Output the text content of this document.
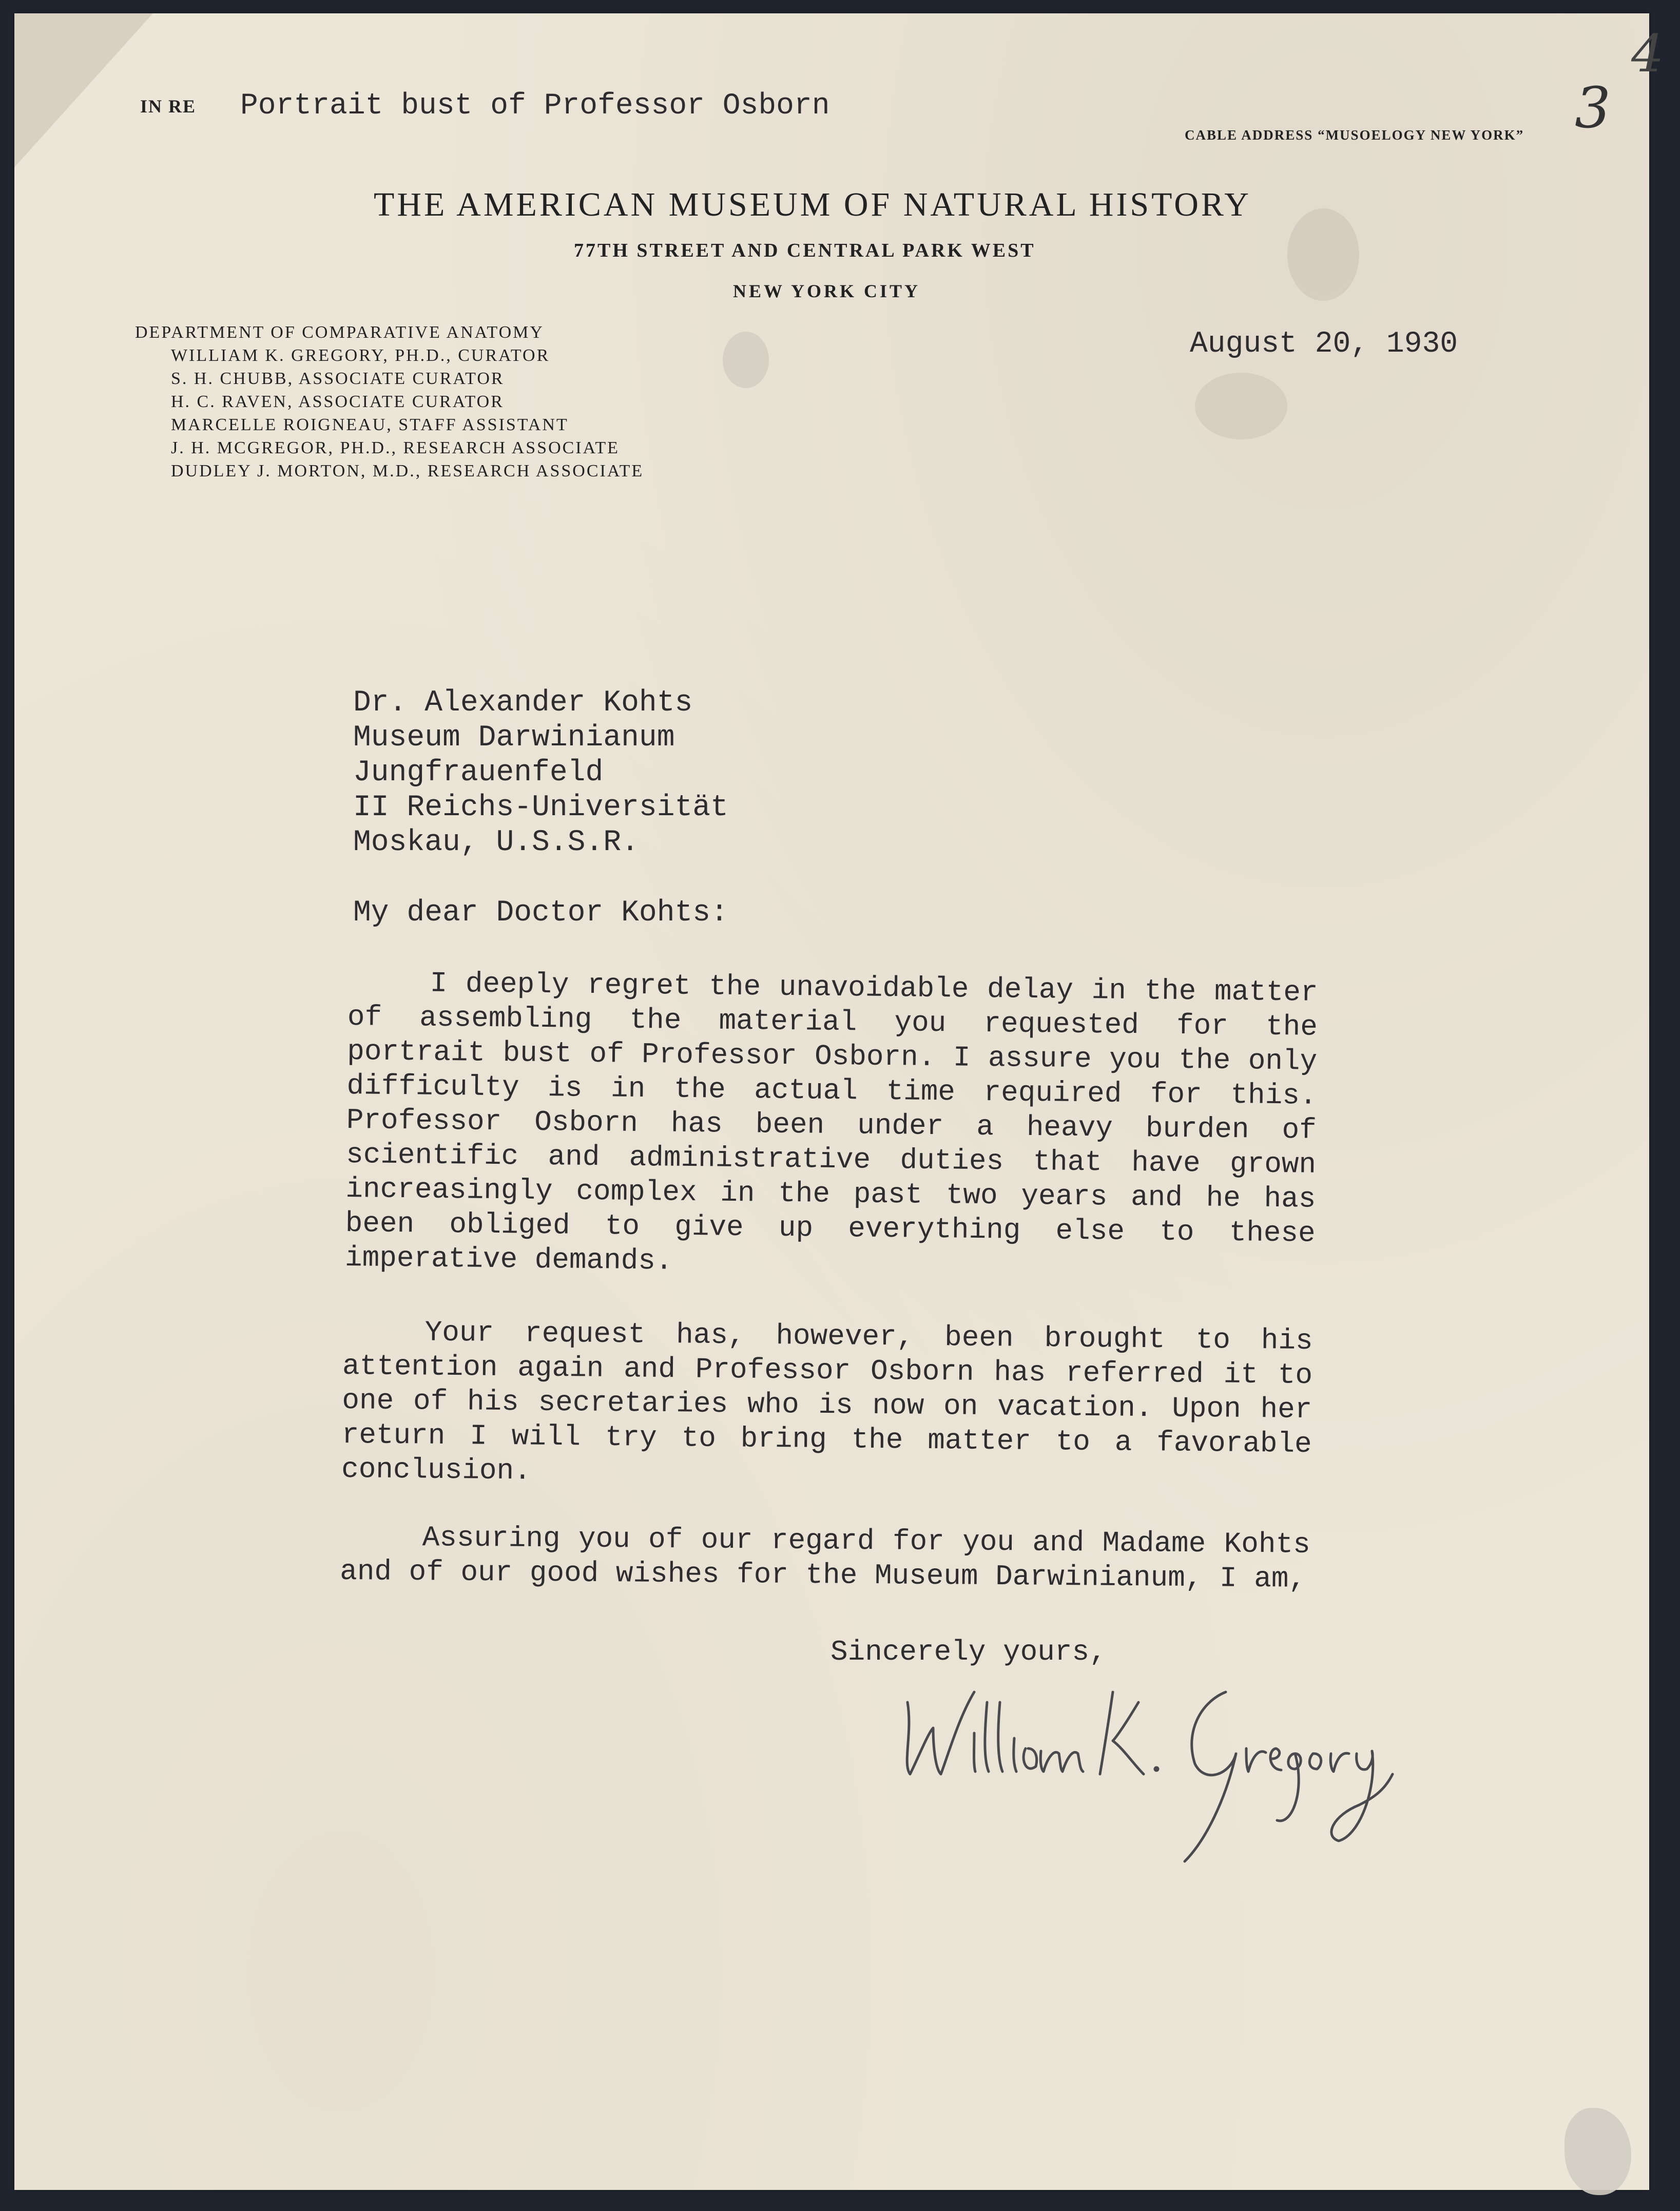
IN RE Portrait bust of Professor Osborn
CABLE ADDRESS “MUSOELOGY NEW YORK” 3
4
THE AMERICAN MUSEUM OF NATURAL HISTORY
77TH STREET AND CENTRAL PARK WEST
NEW YORK CITY
DEPARTMENT OF COMPARATIVE ANATOMY
WILLIAM K. GREGORY, PH.D., CURATOR
S. H. CHUBB, ASSOCIATE CURATOR
H. C. RAVEN, ASSOCIATE CURATOR
MARCELLE ROIGNEAU, STAFF ASSISTANT
J. H. MCGREGOR, PH.D., RESEARCH ASSOCIATE
DUDLEY J. MORTON, M.D., RESEARCH ASSOCIATE
August 20, 1930
Dr. Alexander Kohts
Museum Darwinianum
Jungfrauenfeld
II Reichs-Universität
Moskau, U.S.S.R.
My dear Doctor Kohts:
I deeply regret the unavoidable delay in the matter of assembling the material you requested for the portrait bust of Professor Osborn. I assure you the only difficulty is in the actual time required for this. Professor Osborn has been under a heavy burden of scientific and administrative duties that have grown increasingly complex in the past two years and he has been obliged to give up everything else to these imperative demands.
Your request has, however, been brought to his attention again and Professor Osborn has referred it to one of his secretaries who is now on vacation. Upon her return I will try to bring the matter to a favorable conclusion.
Assuring you of our regard for you and Madame Kohts and of our good wishes for the Museum Darwinianum, I am,
Sincerely yours,
